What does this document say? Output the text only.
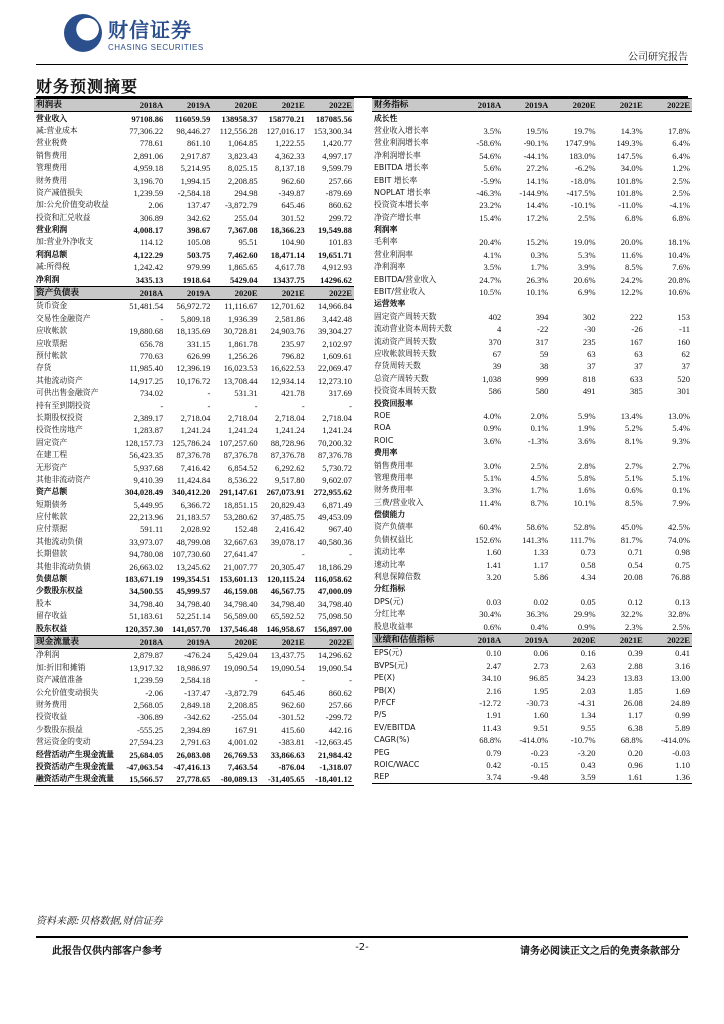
财信证券
CHASING SECURITIES
公司研究报告
财务预测摘要
利润表	2018A	2019A	2020E	2021E	2022E
营业收入	97108.86	116059.59	138958.37	158770.21	187085.56
减:营业成本	77,306.22	98,446.27	112,556.28	127,016.17	153,300.34
营业税费	778.61	861.10	1,064.85	1,222.55	1,420.77
销售费用	2,891.06	2,917.87	3,823.43	4,362.33	4,997.17
管理费用	4,959.18	5,214.95	8,025.15	8,137.18	9,599.79
财务费用	3,196.70	1,994.15	2,208.85	962.60	257.66
资产减值损失	1,239.59	-2,584.18	294.98	-349.87	-879.69
加:公允价值变动收益	2.06	137.47	-3,872.79	645.46	860.62
投资和汇兑收益	306.89	342.62	255.04	301.52	299.72
营业利润	4,008.17	398.67	7,367.08	18,366.23	19,549.88
加:营业外净收支	114.12	105.08	95.51	104.90	101.83
利润总额	4,122.29	503.75	7,462.60	18,471.14	19,651.71
减:所得税	1,242.42	979.99	1,865.65	4,617.78	4,912.93
净利润	3435.13	1918.64	5429.04	13437.75	14296.62
资产负债表	2018A	2019A	2020E	2021E	2022E
货币资金	51,481.54	56,972.72	11,116.67	12,701.62	14,966.84
交易性金融资产	-	5,809.18	1,936.39	2,581.86	3,442.48
应收帐款	19,880.68	18,135.69	30,728.81	24,903.76	39,304.27
应收票据	656.78	331.15	1,861.78	235.97	2,102.97
预付帐款	770.63	626.99	1,256.26	796.82	1,609.61
存货	11,985.40	12,396.19	16,023.53	16,622.53	22,069.47
其他流动资产	14,917.25	10,176.72	13,708.44	12,934.14	12,273.10
可供出售金融资产	734.02	-	531.31	421.78	317.69
持有至到期投资	-	-	-	-	-
长期股权投资	2,389.17	2,718.04	2,718.04	2,718.04	2,718.04
投资性房地产	1,283.87	1,241.24	1,241.24	1,241.24	1,241.24
固定资产	128,157.73	125,786.24	107,257.60	88,728.96	70,200.32
在建工程	56,423.35	87,376.78	87,376.78	87,376.78	87,376.78
无形资产	5,937.68	7,416.42	6,854.52	6,292.62	5,730.72
其他非流动资产	9,410.39	11,424.84	8,536.22	9,517.80	9,602.07
资产总额	304,028.49	340,412.20	291,147.61	267,073.91	272,955.62
短期债务	5,449.95	6,366.72	18,851.15	20,829.43	6,871.49
应付帐款	22,213.96	21,183.57	53,280.62	37,485.75	49,453.09
应付票据	591.11	2,028.92	152.48	2,416.42	967.40
其他流动负债	33,973.07	48,799.08	32,667.63	39,078.17	40,580.36
长期借款	94,780.08	107,730.60	27,641.47	-	-
其他非流动负债	26,663.02	13,245.62	21,007.77	20,305.47	18,186.29
负债总额	183,671.19	199,354.51	153,601.13	120,115.24	116,058.62
少数股东权益	34,500.55	45,999.57	46,159.08	46,567.75	47,000.09
股本	34,798.40	34,798.40	34,798.40	34,798.40	34,798.40
留存收益	51,183.61	52,251.14	56,589.00	65,592.52	75,098.50
股东权益	120,357.30	141,057.70	137,546.48	146,958.67	156,897.00
现金流量表	2018A	2019A	2020E	2021E	2022E
净利润	2,879.87	-476.24	5,429.04	13,437.75	14,296.62
加:折旧和摊销	13,917.32	18,986.97	19,090.54	19,090.54	19,090.54
资产减值准备	1,239.59	2,584.18	-	-	-
公允价值变动损失	-2.06	-137.47	-3,872.79	645.46	860.62
财务费用	2,568.05	2,849.18	2,208.85	962.60	257.66
投资收益	-306.89	-342.62	-255.04	-301.52	-299.72
少数股东损益	-555.25	2,394.89	167.91	415.60	442.16
营运资金的变动	27,594.23	2,791.63	4,001.02	-383.81	-12,663.45
经营活动产生现金流量	25,684.05	26,083.08	26,769.53	33,866.63	21,984.42
投资活动产生现金流量	-47,063.54	-47,416.13	7,463.54	-876.04	-1,318.07
融资活动产生现金流量	15,566.57	27,778.65	-80,089.13	-31,405.65	-18,401.12
财务指标	2018A	2019A	2020E	2021E	2022E
成长性					
营业收入增长率	3.5%	19.5%	19.7%	14.3%	17.8%
营业利润增长率	-58.6%	-90.1%	1747.9%	149.3%	6.4%
净利润增长率	54.6%	-44.1%	183.0%	147.5%	6.4%
EBITDA 增长率	5.6%	27.2%	-6.2%	34.0%	1.2%
EBIT 增长率	-5.9%	14.1%	-18.0%	101.8%	2.5%
NOPLAT 增长率	-46.3%	-144.9%	-417.5%	101.8%	2.5%
投资资本增长率	23.2%	14.4%	-10.1%	-11.0%	-4.1%
净资产增长率	15.4%	17.2%	2.5%	6.8%	6.8%
利润率					
毛利率	20.4%	15.2%	19.0%	20.0%	18.1%
营业利润率	4.1%	0.3%	5.3%	11.6%	10.4%
净利润率	3.5%	1.7%	3.9%	8.5%	7.6%
EBITDA/营业收入	24.7%	26.3%	20.6%	24.2%	20.8%
EBIT/营业收入	10.5%	10.1%	6.9%	12.2%	10.6%
运营效率					
固定资产周转天数	402	394	302	222	153
流动营业资本周转天数	4	-22	-30	-26	-11
流动资产周转天数	370	317	235	167	160
应收帐款周转天数	67	59	63	63	62
存货周转天数	39	38	37	37	37
总资产周转天数	1,038	999	818	633	520
投资资本周转天数	586	580	491	385	301
投资回报率					
ROE	4.0%	2.0%	5.9%	13.4%	13.0%
ROA	0.9%	0.1%	1.9%	5.2%	5.4%
ROIC	3.6%	-1.3%	3.6%	8.1%	9.3%
费用率					
销售费用率	3.0%	2.5%	2.8%	2.7%	2.7%
管理费用率	5.1%	4.5%	5.8%	5.1%	5.1%
财务费用率	3.3%	1.7%	1.6%	0.6%	0.1%
三费/营业收入	11.4%	8.7%	10.1%	8.5%	7.9%
偿债能力					
资产负债率	60.4%	58.6%	52.8%	45.0%	42.5%
负债权益比	152.6%	141.3%	111.7%	81.7%	74.0%
流动比率	1.60	1.33	0.73	0.71	0.98
速动比率	1.41	1.17	0.58	0.54	0.75
利息保障倍数	3.20	5.86	4.34	20.08	76.88
分红指标					
DPS(元)	0.03	0.02	0.05	0.12	0.13
分红比率	30.4%	36.3%	29.9%	32.2%	32.8%
股息收益率	0.6%	0.4%	0.9%	2.3%	2.5%
业绩和估值指标	2018A	2019A	2020E	2021E	2022E
EPS(元)	0.10	0.06	0.16	0.39	0.41
BVPS(元)	2.47	2.73	2.63	2.88	3.16
PE(X)	34.10	96.85	34.23	13.83	13.00
PB(X)	2.16	1.95	2.03	1.85	1.69
P/FCF	-12.72	-30.73	-4.31	26.08	24.89
P/S	1.91	1.60	1.34	1.17	0.99
EV/EBITDA	11.43	9.51	9.55	6.38	5.89
CAGR(%)	68.8%	-414.0%	-10.7%	68.8%	-414.0%
PEG	0.79	-0.23	-3.20	0.20	-0.03
ROIC/WACC	0.42	-0.15	0.43	0.96	1.10
REP	3.74	-9.48	3.59	1.61	1.36
资料来源:贝格数据,财信证券
此报告仅供内部客户参考	-2-	请务必阅读正文之后的免责条款部分
